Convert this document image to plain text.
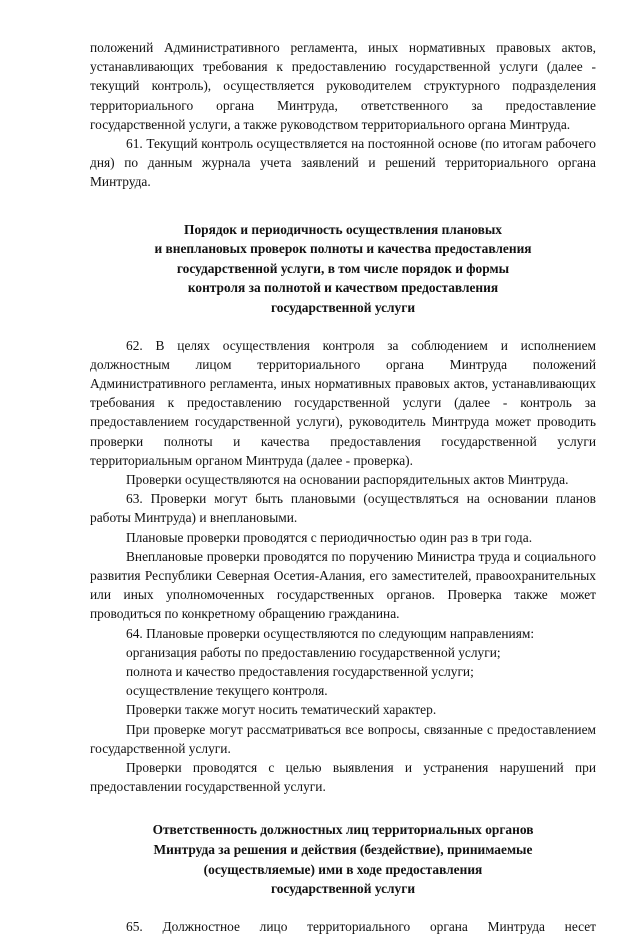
положений Административного регламента, иных нормативных правовых актов, устанавливающих требования к предоставлению государственной услуги (далее - текущий контроль), осуществляется руководителем структурного подразделения территориального органа Минтруда, ответственного за предоставление государственной услуги, а также руководством территориального органа Минтруда.

61. Текущий контроль осуществляется на постоянной основе (по итогам рабочего дня) по данным журнала учета заявлений и решений территориального органа Минтруда.

Порядок и периодичность осуществления плановых
и внеплановых проверок полноты и качества предоставления
государственной услуги, в том числе порядок и формы
контроля за полнотой и качеством предоставления
государственной услуги

62. В целях осуществления контроля за соблюдением и исполнением должностным лицом территориального органа Минтруда положений Административного регламента, иных нормативных правовых актов, устанавливающих требования к предоставлению государственной услуги (далее - контроль за предоставлением государственной услуги), руководитель Минтруда может проводить проверки полноты и качества предоставления государственной услуги территориальным органом Минтруда (далее - проверка).

Проверки осуществляются на основании распорядительных актов Минтруда.

63. Проверки могут быть плановыми (осуществляться на основании планов работы Минтруда) и внеплановыми.

Плановые проверки проводятся с периодичностью один раз в три года.

Внеплановые проверки проводятся по поручению Министра труда и социального развития Республики Северная Осетия-Алания, его заместителей, правоохранительных или иных уполномоченных государственных органов. Проверка также может проводиться по конкретному обращению гражданина.

64. Плановые проверки осуществляются по следующим направлениям:

организация работы по предоставлению государственной услуги;

полнота и качество предоставления государственной услуги;

осуществление текущего контроля.

Проверки также могут носить тематический характер.

При проверке могут рассматриваться все вопросы, связанные с предоставлением государственной услуги.

Проверки проводятся с целью выявления и устранения нарушений при предоставлении государственной услуги.

Ответственность должностных лиц территориальных органов
Минтруда за решения и действия (бездействие), принимаемые
(осуществляемые) ими в ходе предоставления
государственной услуги

65. Должностное лицо территориального органа Минтруда несет
